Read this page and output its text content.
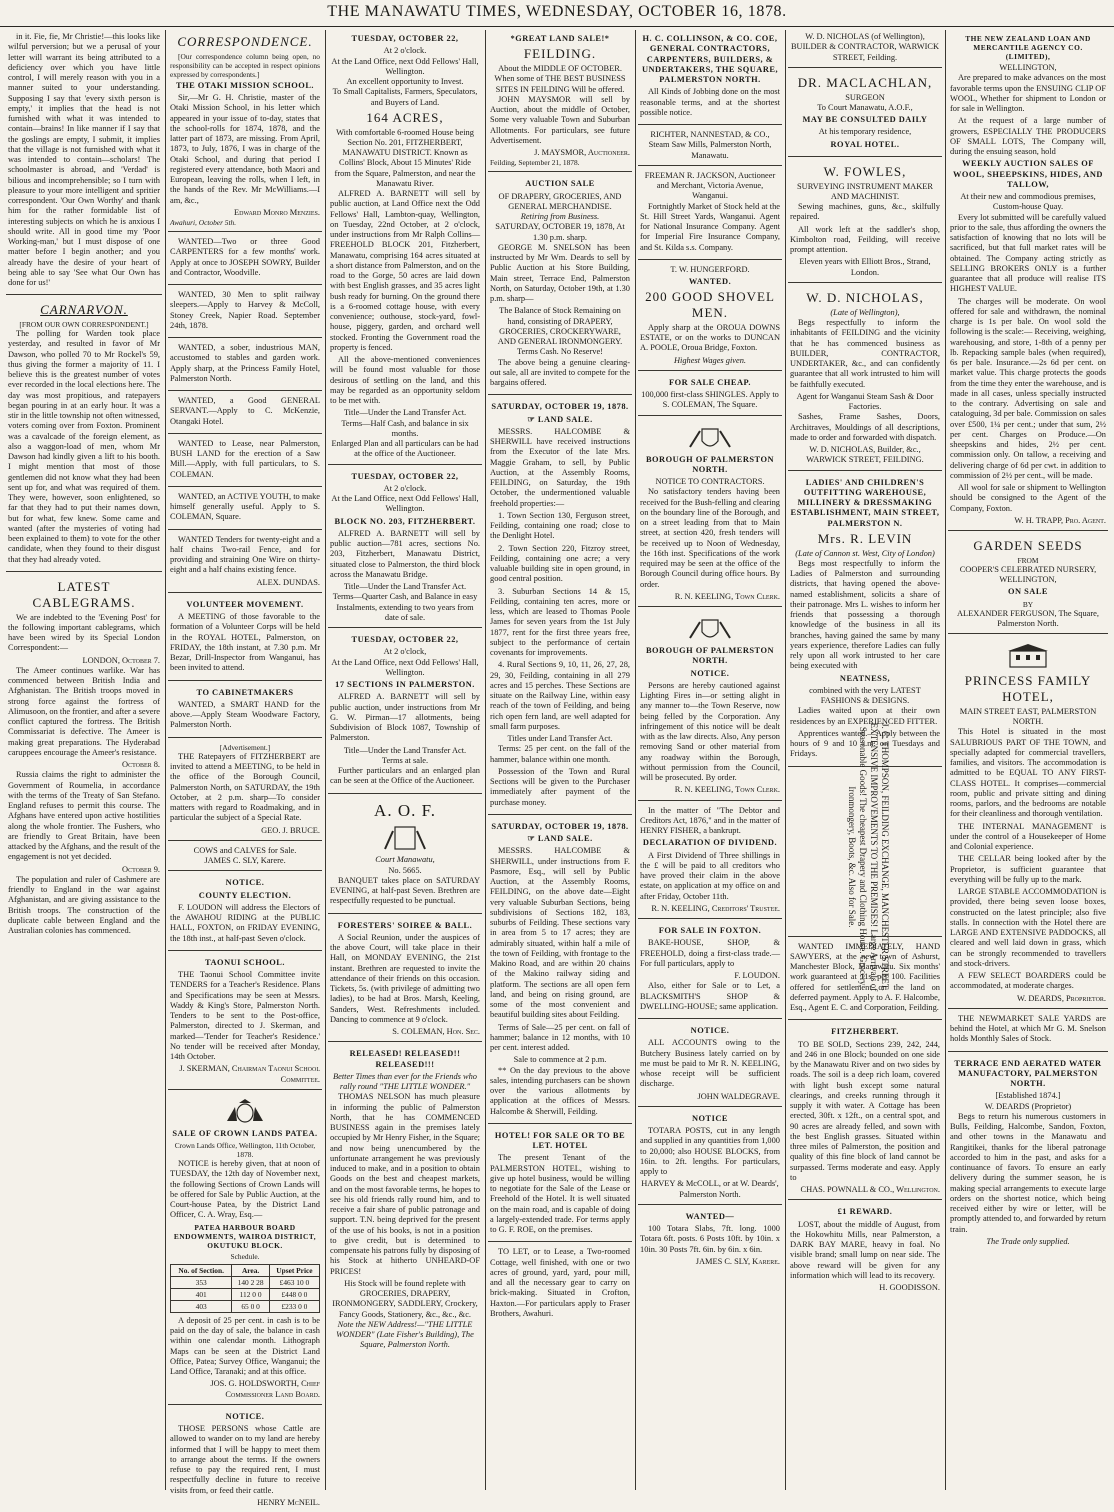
THE MANAWATU TIMES, WEDNESDAY, OCTOBER 16, 1878.

in it. Fie, fie, Mr Christie!—this looks like wilful perversion; but we a perusal of your letter will warrant its being attributed to a deficiency over which you have little control, I will merely reason with you in a manner suited to your understanding. Supposing I say that 'every sixth person is empty,' it implies that the head is not furnished with what it was intended to contain—brains! In like manner if I say that the goslings are empty, I submit, it implies that the village is not furnished with what it was intended to contain—scholars! The schoolmaster is abroad, and 'Verdad' is bilious and incomprehensible; so I turn with pleasure to your more intelligent and spritier correspondent. 'Our Own Worthy' and thank him for the rather formidable list of interesting subjects on which he is anxious I should write. All in good time my 'Poor Working-man,' but I must dispose of one matter before I begin another; and you already have the desire of your heart of being able to say 'See what Our Own has done for us!'

CARNARVON.
[FROM OUR OWN CORRESPONDENT.]

The polling for Warden took place yesterday, and resulted in favor of Mr Dawson, who polled 70 to Mr Rockel's 59, thus giving the former a majority of 11. I believe this is the greatest number of votes ever recorded in the local elections here. The day was most propitious, and ratepayers began pouring in at an early hour. It was a stir in the little township not often witnessed, voters coming over from Foxton. Prominent was a cavalcade of the foreign element, as also a waggon-load of men, whom Mr Dawson had kindly given a lift to his booth. I might mention that most of those gentlemen did not know what they had been sent up for, and what was required of them. They were, however, soon enlightened, so far that they had to put their names down, but for what, few knew. Some came and wanted (after the mysteries of voting had been explained to them) to vote for the other candidate, when they found to their disgust that they had already voted.

LATEST CABLEGRAMS.

We are indebted to the 'Evening Post' for the following important cablegrams, which have been wired by its Special London Correspondent:—

LONDON, October 7.

The Ameer continues warlike. War has commenced between British India and Afghanistan. The British troops moved in strong force against the fortress of Alimusoon, on the frontier, and after a severe conflict captured the fortress. The British Commissariat is defective. The Ameer is making great preparations. The Hyderabad caruppees encourage the Ameer's resistance.

October 8.

Russia claims the right to administer the Government of Roumelia, in accordance with the terms of the Treaty of San Stefano. England refuses to permit this course. The Afghans have entered upon active hostilities along the whole frontier. The Fushers, who are friendly to Great Britain, have been attacked by the Afghans, and the result of the engagement is not yet decided.

October 9.

The population and ruler of Cashmere are friendly to England in the war against Afghanistan, and are giving assistance to the British troops. The construction of the duplicate cable between England and the Australian colonies has commenced.

CORRESPONDENCE.

[Our correspondence column being open, no responsibility can be accepted in respect opinions expressed by correspondents.]

THE OTAKI MISSION SCHOOL.

Sir,—Mr G. H. Christie, master of the Otaki Mission School, in his letter which appeared in your issue of to-day, states that the school-rolls for 1874, 1878, and the latter part of 1873, are missing. From April, 1873, to July, 1876, I was in charge of the Otaki School, and during that period I registered every attendance, both Maori and European, leaving the rolls, when I left, in the hands of the Rev. Mr McWilliams.—I am, &c.,

Edward Monro Menzies.
Awahuri, October 5th.

WANTED—Two or three Good CARPENTERS for a few months' work. Apply at once to JOSEPH SOWRY, Builder and Contractor, Woodville.

WANTED, 30 Men to split railway sleepers.—Apply to Harvey & McColl, Stoney Creek, Napier Road. September 24th, 1878.

WANTED, a sober, industrious MAN, accustomed to stables and garden work. Apply sharp, at the Princess Family Hotel, Palmerston North.

WANTED, a Good GENERAL SERVANT.—Apply to C. McKenzie, Otangaki Hotel.

WANTED to Lease, near Palmerston, BUSH LAND for the erection of a Saw Mill.—Apply, with full particulars, to S. COLEMAN.

WANTED, an ACTIVE YOUTH, to make himself generally useful. Apply to S. COLEMAN, Square.

WANTED Tenders for twenty-eight and a half chains Two-rail Fence, and for providing and straining One Wire on thirty-eight and a half chains existing fence.

ALEX. DUNDAS.
VOLUNTEER MOVEMENT.

A MEETING of those favorable to the formation of a Volunteer Corps will be held in the ROYAL HOTEL, Palmerston, on FRIDAY, the 18th instant, at 7.30 p.m. Mr Bezar, Drill-Inspector from Wanganui, has been invited to attend.

TO CABINETMAKERS

WANTED, a SMART HAND for the above.—Apply Steam Woodware Factory, Palmerston North.

[Advertisement.]

THE Ratepayers of FITZHERBERT are invited to attend a MEETING, to be held in the office of the Borough Council, Palmerston North, on SATURDAY, the 19th October, at 2 p.m. sharp—To consider matters with regard to Roadmaking, and in particular the subject of a Special Rate.

GEO. J. BRUCE.
COWS and CALVES for Sale.
JAMES C. SLY, Karere.
NOTICE.
COUNTY ELECTION.

F. LOUDON will address the Electors of the AWAHOU RIDING at the PUBLIC HALL, FOXTON, on FRIDAY EVENING, the 18th inst., at half-past Seven o'clock.

TAONUI SCHOOL.

THE Taonui School Committee invite TENDERS for a Teacher's Residence. Plans and Specifications may be seen at Messrs. Waddy & King's Store, Palmerston North. Tenders to be sent to the Post-office, Palmerston, directed to J. Skerman, and marked—'Tender for Teacher's Residence.' No tender will be received after Monday, 14th October.

J. SKERMAN, Chairman Taonui School Committee.
SALE OF CROWN LANDS PATEA.
Crown Lands Office, Wellington, 11th October, 1878.

NOTICE is hereby given, that at noon of TUESDAY, the 12th day of November next, the following Sections of Crown Lands will be offered for Sale by Public Auction, at the Court-house Patea, by the District Land Officer, C. A. Wray, Esq.—

PATEA HARBOUR BOARD ENDOWMENTS, WAIROA DISTRICT, OKUTUKU BLOCK.
Schedule.
No. of Section.	Area.	Upset Price
353	140 2 28	£463 10 0
401	112 0 0	£448 0 0
403	65 0 0	£233 0 0

A deposit of 25 per cent. in cash is to be paid on the day of sale, the balance in cash within one calendar month. Lithograph Maps can be seen at the District Land Office, Patea; Survey Office, Wanganui; the Land Office, Taranaki; and at this office.

JOS. G. HOLDSWORTH, Chief Commissioner Land Board.
NOTICE.

THOSE PERSONS whose Cattle are allowed to wander on to my land are hereby informed that I will be happy to meet them to arrange about the terms. If the owners refuse to pay the required rent, I must respectfully decline in future to receive visits from, or feed their cattle.

HENRY McNEIL.
TUESDAY, OCTOBER 22,
At 2 o'clock.
At the Land Office, next Odd Fellows' Hall, Wellington.
An excellent opportunity to Invest.
To Small Capitalists, Farmers, Speculators, and Buyers of Land.
164 ACRES,
With comfortable 6-roomed House being Section No. 201, FITZHERBERT, MANAWATU DISTRICT. Known as Collins' Block, About 15 Minutes' Ride from the Square, Palmerston, and near the Manawatu River.

ALFRED A. BARNETT will sell by public auction, at Land Office next the Odd Fellows' Hall, Lambton-quay, Wellington, on Tuesday, 22nd October, at 2 o'clock, under instructions from Mr Ralph Collins—FREEHOLD BLOCK 201, Fitzherbert, Manawatu, comprising 164 acres situated at a short distance from Palmerston, and on the road to the Gorge, 50 acres are laid down with best English grasses, and 35 acres light bush ready for burning. On the ground there is a 6-roomed cottage house, with every convenience; outhouse, stock-yard, fowl-house, piggery, garden, and orchard well stocked. Fronting the Government road the property is fenced.

All the above-mentioned conveniences will be found most valuable for those desirous of settling on the land, and this may be regarded as an opportunity seldom to be met with.

Title—Under the Land Transfer Act.
Terms—Half Cash, and balance in six months.
Enlarged Plan and all particulars can be had at the office of the Auctioneer.
TUESDAY, OCTOBER 22,
At 2 o'clock.
At the Land Office, next Odd Fellows' Hall, Wellington.
BLOCK NO. 203, FITZHERBERT.

ALFRED A. BARNETT will sell by public auction—781 acres, sections No. 203, Fitzherbert, Manawatu District, situated close to Palmerston, the third block across the Manawatu Bridge.

Title—Under the Land Transfer Act.
Terms—Quarter Cash, and Balance in easy Instalments, extending to two years from date of sale.
TUESDAY, OCTOBER 22,
At 2 o'clock,
At the Land Office, next Odd Fellows' Hall, Wellington.
17 SECTIONS IN PALMERSTON.

ALFRED A. BARNETT will sell by public auction, under instructions from Mr G. W. Pirman—17 allotments, being Subdivision of Block 1087, Township of Palmerston.

Title—Under the Land Transfer Act.
Terms at sale.

Further particulars and an enlarged plan can be seen at the Office of the Auctioneer.

A. O. F.
Court Manawatu,
No. 5665.

BANQUET takes place on SATURDAY EVENING, at half-past Seven. Brethren are respectfully requested to be punctual.

FORESTERS' SOIREE & BALL.

A Social Reunion, under the auspices of the above Court, will take place in their Hall, on MONDAY EVENING, the 21st instant. Brethren are requested to invite the attendance of their friends on this occasion. Tickets, 5s. (with privilege of admitting two ladies), to be had at Bros. Marsh, Keeling, Sanders, West. Refreshments included. Dancing to commence at 9 o'clock.

S. COLEMAN, Hon. Sec.
RELEASED! RELEASED!! RELEASED!!!
Better Times than ever for the Friends who rally round "THE LITTLE WONDER."

THOMAS NELSON has much pleasure in informing the public of Palmerston North, that he has COMMENCED BUSINESS again in the premises lately occupied by Mr Henry Fisher, in the Square; and now being unencumbered by the unfortunate arrangement he was previously induced to make, and in a position to obtain Goods on the best and cheapest markets, and on the most favorable terms, he hopes to see his old friends rally round him, and to receive a fair share of public patronage and support. T.N. being deprived for the present of the use of his books, is not in a position to give credit, but is determined to compensate his patrons fully by disposing of his Stock at hitherto UNHEARD-OF PRICES!

His Stock will be found replete with GROCERIES, DRAPERY, IRONMONGERY, SADDLERY, Crockery, Fancy Goods, Stationery, &c., &c., &c.
Note the NEW Address!—"THE LITTLE WONDER" (Late Fisher's Building), The Square, Palmerston North.
*GREAT LAND SALE!*
FEILDING.
About the MIDDLE OF OCTOBER.
When some of THE BEST BUSINESS SITES IN FEILDING Will be offered.

JOHN MAYSMOR will sell by Auction, about the middle of October, Some very valuable Town and Suburban Allotments. For particulars, see future Advertisement.

J. MAYSMOR, Auctioneer.
Feilding, September 21, 1878.
AUCTION SALE
OF DRAPERY, GROCERIES, AND GENERAL MERCHANDISE.
Retiring from Business.
SATURDAY, OCTOBER 19, 1878, At 1.30 p.m. sharp.

GEORGE M. SNELSON has been instructed by Mr Wm. Deards to sell by Public Auction at his Store Building, Main street, Terrace End, Palmerston North, on Saturday, October 19th, at 1.30 p.m. sharp—

The Balance of Stock Remaining on hand, consisting of DRAPERY, GROCERIES, CROCKERYWARE, AND GENERAL IRONMONGERY.
Terms Cash. No Reserve!

The above being a genuine clearing-out sale, all are invited to compete for the bargains offered.

SATURDAY, OCTOBER 19, 1878.
☞ LAND SALE.

MESSRS. HALCOMBE & SHERWILL have received instructions from the Executor of the late Mrs. Maggie Graham, to sell, by Public Auction, at the Assembly Rooms, FEILDING, on Saturday, the 19th October, the undermentioned valuable freehold properties:—

1. Town Section 130, Ferguson street, Feilding, containing one road; close to the Denlight Hotel.

2. Town Section 220, Fitzroy street, Feilding, containing one acre; a very valuable building site in open ground, in good central position.

3. Suburban Sections 14 & 15, Feilding, containing ten acres, more or less, which are leased to Thomas Poole James for seven years from the 1st July 1877, rent for the first three years free, subject to the performance of certain covenants for improvements.

4. Rural Sections 9, 10, 11, 26, 27, 28, 29, 30, Feilding, containing in all 279 acres and 15 perches. These Sections are situate on the Railway Line, within easy reach of the town of Feilding, and being rich open fern land, are well adapted for small farm purposes.

Titles under Land Transfer Act.

Terms: 25 per cent. on the fall of the hammer, balance within one month.

Possession of the Town and Rural Sections will be given to the Purchaser immediately after payment of the purchase money.

SATURDAY, OCTOBER 19, 1878.
☞ LAND SALE.

MESSRS. HALCOMBE & SHERWILL, under instructions from F. Pasmore, Esq., will sell by Public Auction, at the Assembly Rooms, FEILDING, on the above date—Eight very valuable Suburban Sections, being subdivisions of Sections 182, 183, suburbs of Feilding. These sections vary in area from 5 to 17 acres; they are admirably situated, within half a mile of the town of Feilding, with frontage to the Makino Road, and are within 20 chains of the Makino railway siding and platform. The sections are all open fern land, and being on rising ground, are some of the most convenient and beautiful building sites about Feilding.

Terms of Sale—25 per cent. on fall of hammer; balance in 12 months, with 10 per cent. interest added.

Sale to commence at 2 p.m.

** On the day previous to the above sales, intending purchasers can be shown over the various allotments by application at the offices of Messrs. Halcombe & Sherwill, Feilding.

HOTEL! FOR SALE OR TO BE LET. HOTEL

The present Tenant of the PALMERSTON HOTEL, wishing to give up hotel business, would be willing to negotiate for the Sale of the Lease or Freehold of the Hotel. It is well situated on the main road, and is capable of doing a largely-extended trade. For terms apply to G. F. ROE, on the premises.

TO LET, or to Lease, a Two-roomed Cottage, well finished, with one or two acres of ground, yard, yard, pour mill, and all the necessary gear to carry on brick-making. Situated in Crofton, Haxton.—For particulars apply to Fraser Brothers, Awahuri.

H. C. COLLINSON, & CO. COE, GENERAL CONTRACTORS, CARPENTERS, BUILDERS, & UNDERTAKERS, THE SQUARE, PALMERSTON NORTH.

All Kinds of Jobbing done on the most reasonable terms, and at the shortest possible notice.

RICHTER, NANNESTAD, & CO., Steam Saw Mills, Palmerston North, Manawatu.
FREEMAN R. JACKSON, Auctioneer and Merchant, Victoria Avenue, Wanganui.

Fortnightly Market of Stock held at the St. Hill Street Yards, Wanganui. Agent for National Insurance Company. Agent for Imperial Fire Insurance Company, and St. Kilda s.s. Company.

T. W. HUNGERFORD.
WANTED.
200 GOOD SHOVEL MEN.

Apply sharp at the OROUA DOWNS ESTATE, or on the works to DUNCAN A. POOLE, Oroua Bridge, Foxton.

Highest Wages given.
FOR SALE CHEAP.
100,000 first-class SHINGLES. Apply to S. COLEMAN, The Square.
BOROUGH OF PALMERSTON NORTH.
NOTICE TO CONTRACTORS.

No satisfactory tenders having been received for the Bush-felling and clearing on the boundary line of the Borough, and on a street leading from that to Main street, at section 420, fresh tenders will be received up to Noon of Wednesday, the 16th inst. Specifications of the work required may be seen at the office of the Borough Council during office hours. By order.

R. N. KEELING, Town Clerk.
BOROUGH OF PALMERSTON NORTH.
NOTICE.

Persons are hereby cautioned against Lighting Fires in—or setting alight in any manner to—the Town Reserve, now being felled by the Corporation. Any infringement of this notice will be dealt with as the law directs. Also, Any person removing Sand or other material from any roadway within the Borough, without permission from the Council, will be prosecuted. By order.

R. N. KEELING, Town Clerk.

In the matter of "The Debtor and Creditors Act, 1876," and in the matter of HENRY FISHER, a bankrupt.

DECLARATION OF DIVIDEND.

A First Dividend of Three shillings in the £ will be paid to all creditors who have proved their claim in the above estate, on application at my office on and after Friday, October 11th.

R. N. KEELING, Creditors' Trustee.
FOR SALE IN FOXTON.

BAKE-HOUSE, SHOP, & FREEHOLD, doing a first-class trade.—For full particulars, apply to

F. LOUDON.

Also, either for Sale or to Let, a BLACKSMITH'S SHOP & DWELLING-HOUSE; same application.

NOTICE.

ALL ACCOUNTS owing to the Butchery Business lately carried on by me must be paid to Mr R. N. KEELING, whose receipt will be sufficient discharge.

JOHN WALDEGRAVE.
NOTICE

TOTARA POSTS, cut in any length and supplied in any quantities from 1,000 to 20,000; also HOUSE BLOCKS, from 16in. to 2ft. lengths. For particulars, apply to

HARVEY & McCOLL, or at W. Deards', Palmerston North.
WANTED—

100 Totara Slabs, 7ft. long. 1000 Totara 6ft. posts. 6 Posts 10ft. by 10in. x 10in. 30 Posts 7ft. 6in. by 6in. x 6in.

JAMES C. SLY, Karere.
W. D. NICHOLAS (of Wellington), BUILDER & CONTRACTOR, WARWICK STREET, Feilding.
DR. MACLACHLAN,
SURGEON
To Court Manawatu, A.O.F.,
MAY BE CONSULTED DAILY
At his temporary residence,
ROYAL HOTEL.
W. FOWLES,
SURVEYING INSTRUMENT MAKER AND MACHINIST.

Sewing machines, guns, &c., skilfully repaired.

All work left at the saddler's shop, Kimbolton road, Feilding, will receive prompt attention.

Eleven years with Elliott Bros., Strand, London.
W. D. NICHOLAS,
(Late of Wellington),

Begs respectfully to inform the inhabitants of FEILDING and the vicinity that he has commenced business as BUILDER, CONTRACTOR, UNDERTAKER, &c., and can confidently guarantee that all work intrusted to him will be faithfully executed.

Agent for Wanganui Steam Sash & Door Factories.

Sashes, Frame Sashes, Doors, Architraves, Mouldings of all descriptions, made to order and forwarded with dispatch.

W. D. NICHOLAS, Builder, &c., WARWICK STREET, FEILDING.
LADIES' AND CHILDREN'S OUTFITTING WAREHOUSE, MILLINERY & DRESSMAKING ESTABLISHMENT, MAIN STREET, PALMERSTON N.
Mrs. R. LEVIN
(Late of Cannon st. West, City of London)

Begs most respectfully to inform the Ladies of Palmerston and surrounding districts, that having opened the above-named establishment, solicits a share of their patronage. Mrs L. wishes to inform her friends that possessing a thorough knowledge of the business in all its branches, having gained the same by many years experience, therefore Ladies can fully rely upon all work intrusted to her care being executed with

NEATNESS,
combined with the very LATEST FASHIONS & DESIGNS.

Ladies waited upon at their own residences by an EXPERIENCED FITTER.

Apprentices wanted.—Apply between the hours of 9 and 10 a.m. on Tuesdays and Fridays.	J. C. THOMPSON, FEILDING EXCHANGE, MANCHESTER STREET. EXTENSIVE IMPROVEMENTS TO THE PREMISES! Large Arrivals of Seasonable Goods! The cheapest Drapery and Clothing House. Grocery, Ironmongery, Boots, &c. Also for Sale.

WANTED IMMEDIATELY, HAND SAWYERS, at the new town of Ashurst, Manchester Block, Manawatu. Six months' work guaranteed at 11s. per 100. Facilities offered for settlement on the land on deferred payment. Apply to A. F. Halcombe, Esq., Agent E. C. and Corporation, Feilding.

FITZHERBERT.

TO BE SOLD, Sections 239, 242, 244, and 246 in one Block; bounded on one side by the Manawatu River and on two sides by roads. The soil is a deep rich loam, covered with light bush except some natural clearings, and creeks running through it supply it with water. A Cottage has been erected, 30ft. x 12ft., on a central spot, and 90 acres are already felled, and sown with the best English grasses. Situated within three miles of Palmerston, the position and quality of this fine block of land cannot be surpassed. Terms moderate and easy. Apply to

CHAS. POWNALL & CO., Wellington.
£1 REWARD.

LOST, about the middle of August, from the Hokowhitu Mills, near Palmerston, a DARK BAY MARE, heavy in foal. No visible brand; small lump on near side. The above reward will be given for any information which will lead to its recovery.

H. GOODISSON.
THE NEW ZEALAND LOAN AND MERCANTILE AGENCY CO. (LIMITED),
WELLINGTON,

Are prepared to make advances on the most favorable terms upon the ENSUING CLIP OF WOOL, Whether for shipment to London or for sale in Wellington.

At the request of a large number of growers, ESPECIALLY THE PRODUCERS OF SMALL LOTS, The Company will, during the ensuing season, hold

WEEKLY AUCTION SALES OF WOOL, SHEEPSKINS, HIDES, AND TALLOW,
At their new and commodious premises, Custom-house Quay.

Every lot submitted will be carefully valued prior to the sale, thus affording the owners the satisfaction of knowing that no lots will be sacrificed, but that full market rates will be obtained. The Company acting strictly as SELLING BROKERS ONLY is a further guarantee that all produce will realise ITS HIGHEST VALUE.

The charges will be moderate. On wool offered for sale and withdrawn, the nominal charge is 1s per bale. On wool sold the following is the scale:— Receiving, weighing, warehousing, and store, 1-8th of a penny per lb. Repacking sample bales (when required), 6s per bale. Insurance.—2s 6d per cent. on market value. This charge protects the goods from the time they enter the warehouse, and is made in all cases, unless specially instructed to the contrary. Advertising on sale and cataloguing, 3d per bale. Commission on sales over £500, 1¼ per cent.; under that sum, 2½ per cent. Charges on Produce.—On sheepskins and hides, 2½ per cent. commission only. On tallow, a receiving and delivering charge of 6d per cwt. in addition to commission of 2½ per cent., will be made.

All wool for sale or shipment to Wellington should be consigned to the Agent of the Company, Foxton.

W. H. TRAPP, Pro. Agent.
GARDEN SEEDS
FROM
COOPER'S CELEBRATED NURSERY, WELLINGTON,
ON SALE
BY
ALEXANDER FERGUSON, The Square, Palmerston North.
PRINCESS FAMILY HOTEL,
MAIN STREET EAST, PALMERSTON NORTH.

This Hotel is situated in the most SALUBRIOUS PART OF THE TOWN, and specially adapted for commercial travellers, families, and visitors. The accommodation is admitted to be EQUAL TO ANY FIRST-CLASS HOTEL. It comprises—commercial room, public and private sitting and dining rooms, parlors, and the bedrooms are notable for their cleanliness and thorough ventilation.

THE INTERNAL MANAGEMENT is under the control of a Housekeeper of Home and Colonial experience.

THE CELLAR being looked after by the Proprietor, is sufficient guarantee that everything will be fully up to the mark.

LARGE STABLE ACCOMMODATION is provided, there being seven loose boxes, constructed on the latest principle; also five stalls. In connection with the Hotel there are LARGE AND EXTENSIVE PADDOCKS, all cleared and well laid down in grass, which can be strongly recommended to travellers and stock-drivers.

A FEW SELECT BOARDERS could be accommodated, at moderate charges.

W. DEARDS, Proprietor.

THE NEWMARKET SALE YARDS are behind the Hotel, at which Mr G. M. Snelson holds Monthly Sales of Stock.

TERRACE END AERATED WATER MANUFACTORY, PALMERSTON NORTH.
[Established 1874.]
W. DEARDS (Proprietor)

Begs to return his numerous customers in Bulls, Feilding, Halcombe, Sandon, Foxton, and other towns in the Manawatu and Rangitikei, thanks for the liberal patronage accorded to him in the past, and asks for a continuance of favors. To ensure an early delivery during the summer season, he is making special arrangements to execute large orders on the shortest notice, which being received either by wire or letter, will be promptly attended to, and forwarded by return train.

The Trade only supplied.
